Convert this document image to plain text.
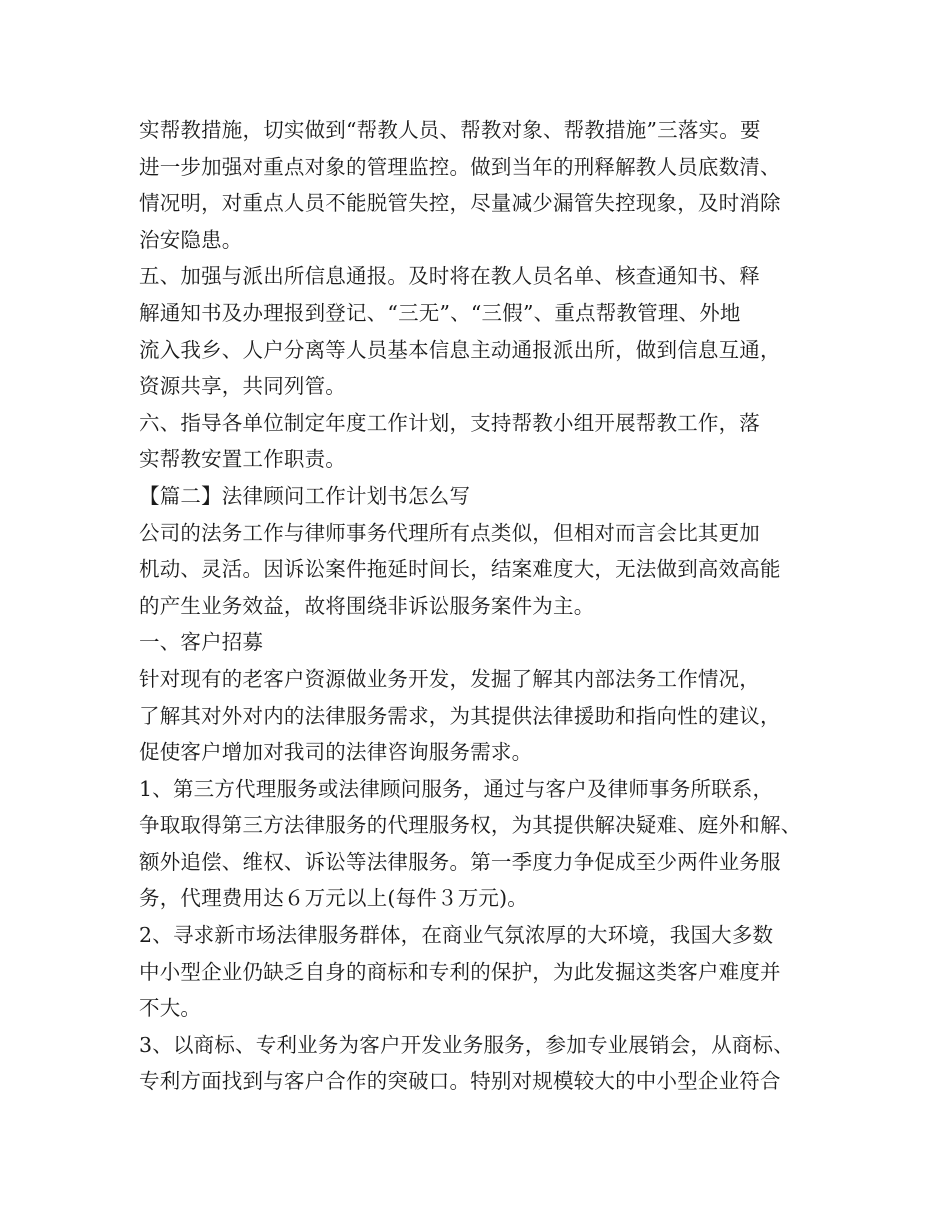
实帮教措施，切实做到“帮教人员、帮教对象、帮教措施”三落实。要
进一步加强对重点对象的管理监控。做到当年的刑释解教人员底数清、
情况明，对重点人员不能脱管失控，尽量减少漏管失控现象，及时消除
治安隐患。
五、加强与派出所信息通报。及时将在教人员名单、核查通知书、释
解通知书及办理报到登记、“三无”、“三假”、重点帮教管理、外地
流入我乡、人户分离等人员基本信息主动通报派出所，做到信息互通，
资源共享，共同列管。
六、指导各单位制定年度工作计划，支持帮教小组开展帮教工作，落
实帮教安置工作职责。
【篇二】法律顾问工作计划书怎么写
公司的法务工作与律师事务代理所有点类似，但相对而言会比其更加
机动、灵活。因诉讼案件拖延时间长，结案难度大，无法做到高效高能
的产生业务效益，故将围绕非诉讼服务案件为主。
一、客户招募
针对现有的老客户资源做业务开发，发掘了解其内部法务工作情况，
了解其对外对内的法律服务需求，为其提供法律援助和指向性的建议，
促使客户增加对我司的法律咨询服务需求。
1、第三方代理服务或法律顾问服务，通过与客户及律师事务所联系，
争取取得第三方法律服务的代理服务权，为其提供解决疑难、庭外和解、
额外追偿、维权、诉讼等法律服务。第一季度力争促成至少两件业务服
务，代理费用达６万元以上(每件３万元)。
2、寻求新市场法律服务群体，在商业气氛浓厚的大环境，我国大多数
中小型企业仍缺乏自身的商标和专利的保护，为此发掘这类客户难度并
不大。
3、以商标、专利业务为客户开发业务服务，参加专业展销会，从商标、
专利方面找到与客户合作的突破口。特别对规模较大的中小型企业符合
